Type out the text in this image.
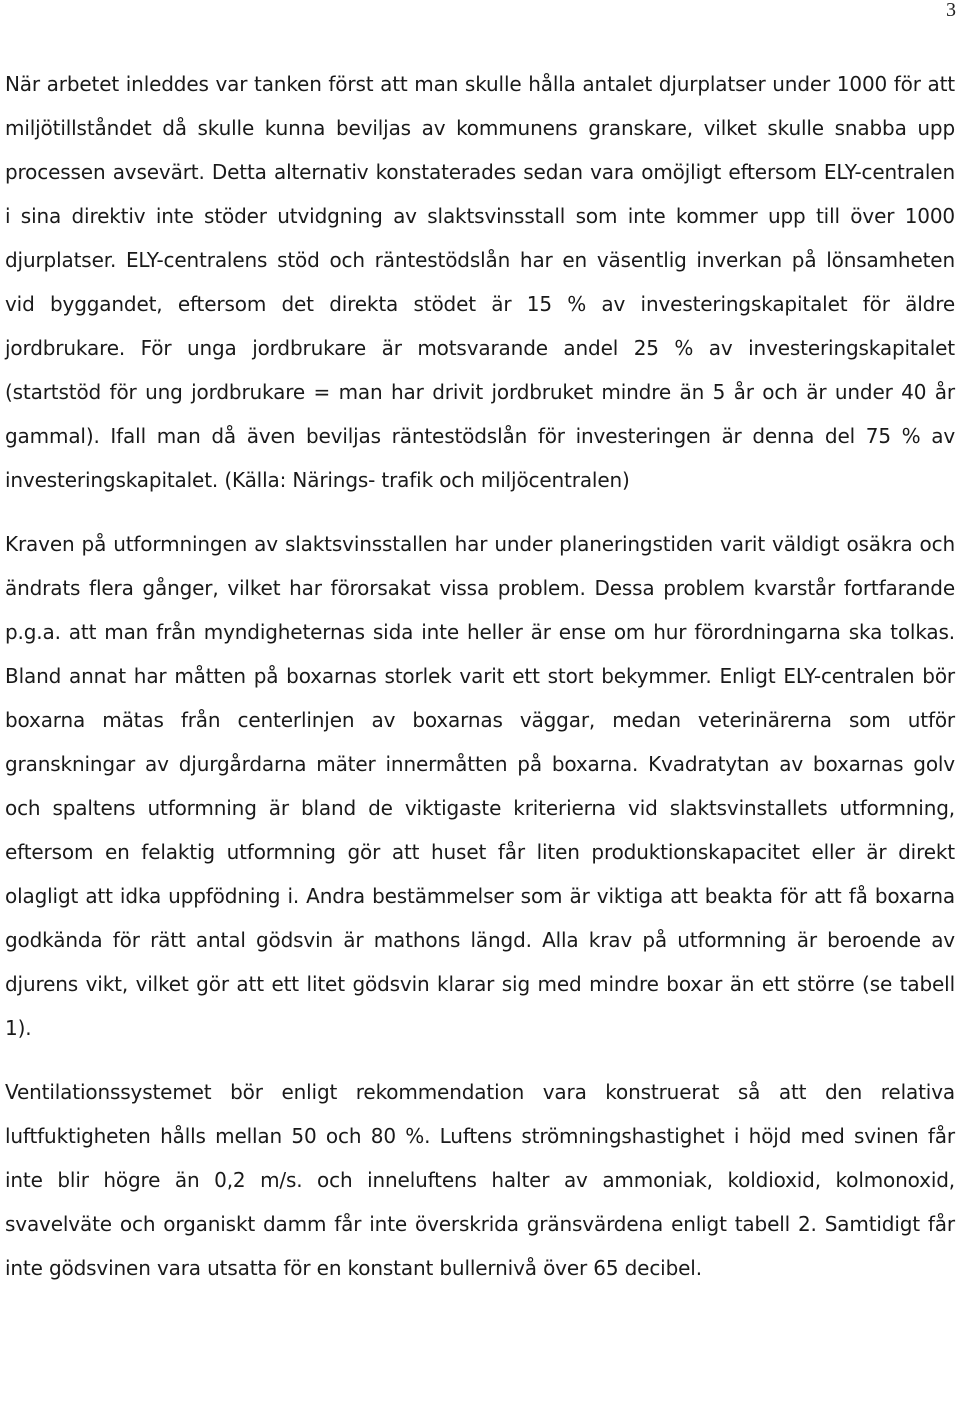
3

När arbetet inleddes var tanken först att man skulle hålla antalet djurplatser under 1000 för att miljötillståndet då skulle kunna beviljas av kommunens granskare, vilket skulle snabba upp processen avsevärt. Detta alternativ konstaterades sedan vara omöjligt eftersom ELY-centralen i sina direktiv inte stöder utvidgning av slaktsvinsstall som inte kommer upp till över 1000 djurplatser. ELY-centralens stöd och räntestödslån har en väsentlig inverkan på lönsamheten vid byggandet, eftersom det direkta stödet är 15 % av investeringskapitalet för äldre jordbrukare. För unga jordbrukare är motsvarande andel 25 % av investeringskapitalet (startstöd för ung jordbrukare = man har drivit jordbruket mindre än 5 år och är under 40 år gammal). Ifall man då även beviljas räntestödslån för investeringen är denna del 75 % av investeringskapitalet. (Källa: Närings- trafik och miljöcentralen)

Kraven på utformningen av slaktsvinsstallen har under planeringstiden varit väldigt osäkra och ändrats flera gånger, vilket har förorsakat vissa problem. Dessa problem kvarstår fortfarande p.g.a. att man från myndigheternas sida inte heller är ense om hur förordningarna ska tolkas. Bland annat har måtten på boxarnas storlek varit ett stort bekymmer. Enligt ELY-centralen bör boxarna mätas från centerlinjen av boxarnas väggar, medan veterinärerna som utför granskningar av djurgårdarna mäter innermåtten på boxarna. Kvadratytan av boxarnas golv och spaltens utformning är bland de viktigaste kriterierna vid slaktsvinstallets utformning, eftersom en felaktig utformning gör att huset får liten produktionskapacitet eller är direkt olagligt att idka uppfödning i. Andra bestämmelser som är viktiga att beakta för att få boxarna godkända för rätt antal gödsvin är mathons längd. Alla krav på utformning är beroende av djurens vikt, vilket gör att ett litet gödsvin klarar sig med mindre boxar än ett större (se tabell 1).

Ventilationssystemet bör enligt rekommendation vara konstruerat så att den relativa luftfuktigheten hålls mellan 50 och 80 %. Luftens strömningshastighet i höjd med svinen får inte blir högre än 0,2 m/s. och inneluftens halter av ammoniak, koldioxid, kolmonoxid, svavelväte och organiskt damm får inte överskrida gränsvärdena enligt tabell 2. Samtidigt får inte gödsvinen vara utsatta för en konstant bullernivå över 65 decibel.
